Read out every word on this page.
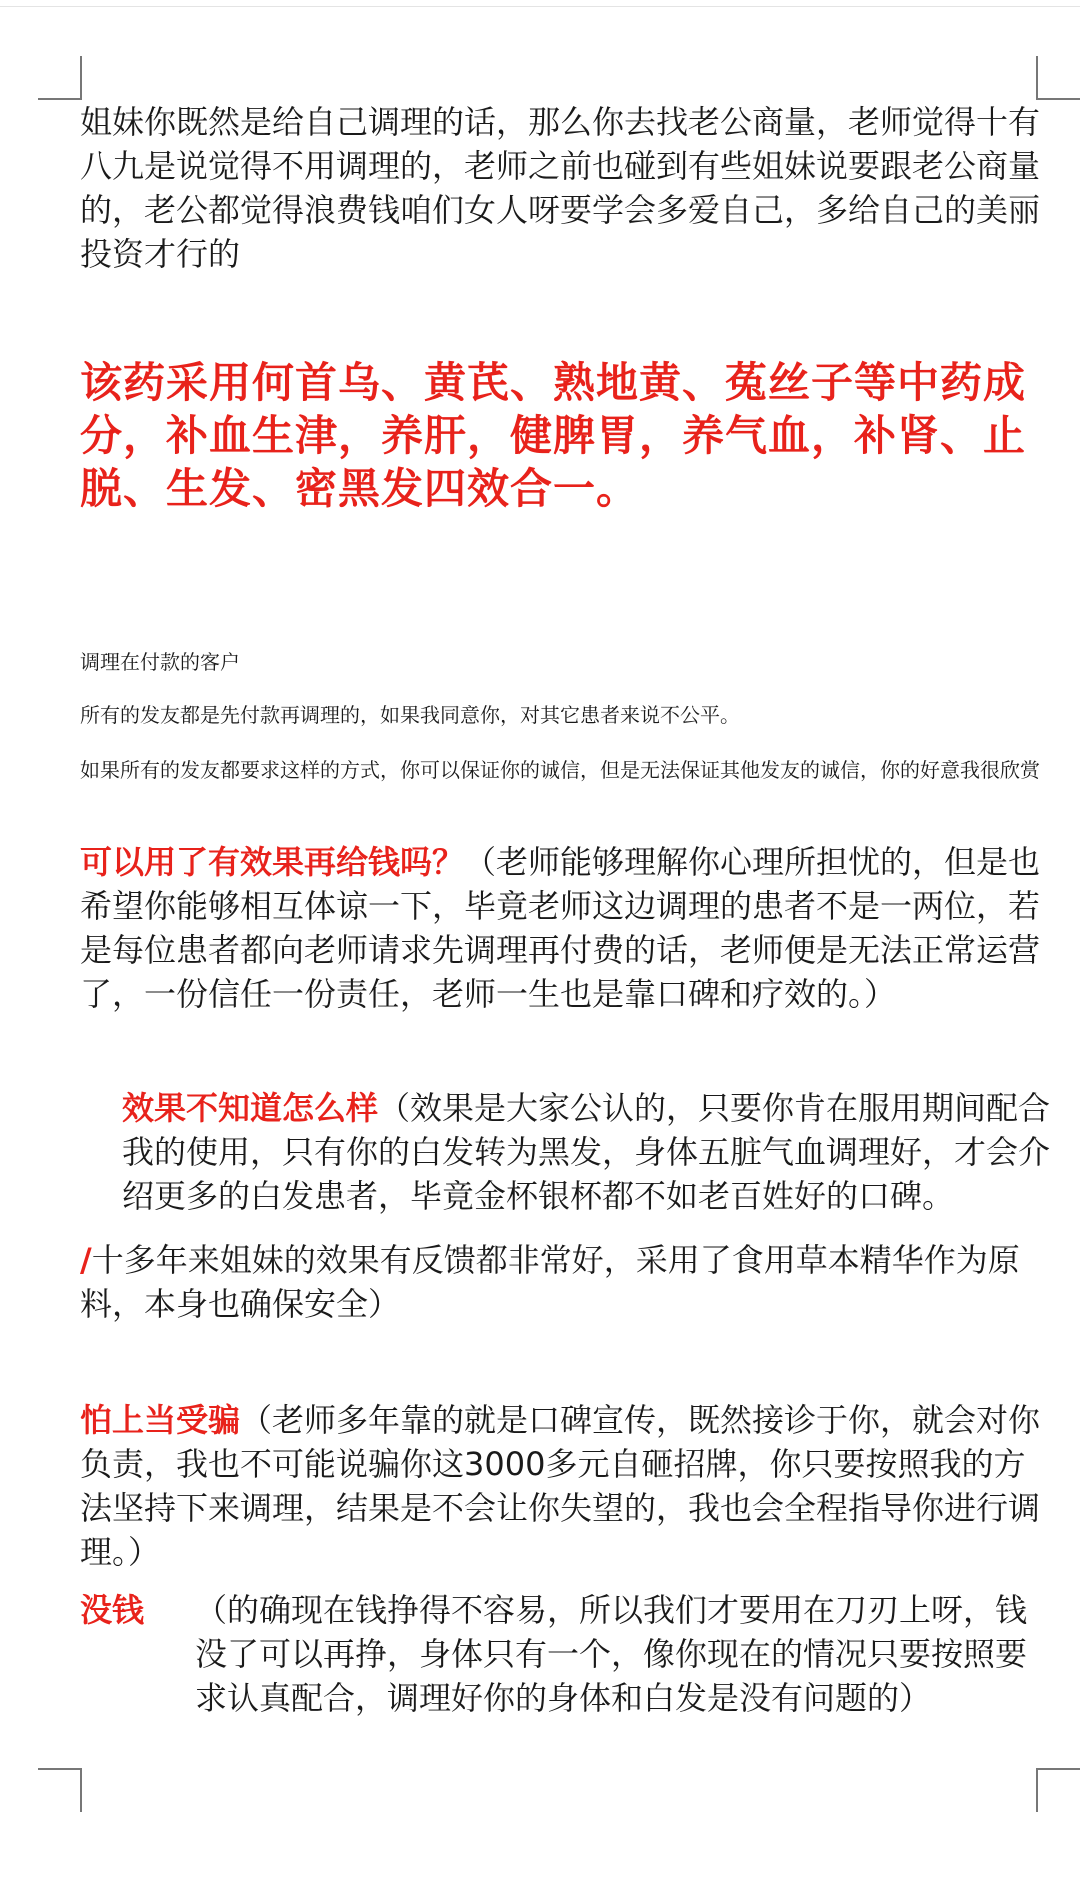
姐妹你既然是给自己调理的话，那么你去找老公商量，老师觉得十有八九是说觉得不用调理的，老师之前也碰到有些姐妹说要跟老公商量的，老公都觉得浪费钱咱们女人呀要学会多爱自己，多给自己的美丽投资才行的

该药采用何首乌、黄芪、熟地黄、菟丝子等中药成分，补血生津，养肝，健脾胃，养气血，补肾、止脱、生发、密黑发四效合一。

调理在付款的客户

所有的发友都是先付款再调理的，如果我同意你，对其它患者来说不公平。

如果所有的发友都要求这样的方式，你可以保证你的诚信，但是无法保证其他发友的诚信，你的好意我很欣赏

可以用了有效果再给钱吗？（老师能够理解你心理所担忧的，但是也希望你能够相互体谅一下，毕竟老师这边调理的患者不是一两位，若是每位患者都向老师请求先调理再付费的话，老师便是无法正常运营了，一份信任一份责任，老师一生也是靠口碑和疗效的。）

效果不知道怎么样（效果是大家公认的，只要你肯在服用期间配合我的使用，只有你的白发转为黑发，身体五脏气血调理好，才会介绍更多的白发患者，毕竟金杯银杯都不如老百姓好的口碑。

/十多年来姐妹的效果有反馈都非常好，采用了食用草本精华作为原料，本身也确保安全）

怕上当受骗（老师多年靠的就是口碑宣传，既然接诊于你，就会对你负责，我也不可能说骗你这3000多元自砸招牌，你只要按照我的方法坚持下来调理，结果是不会让你失望的，我也会全程指导你进行调理。）

没钱	（的确现在钱挣得不容易，所以我们才要用在刀刃上呀，钱没了可以再挣，身体只有一个，像你现在的情况只要按照要求认真配合，调理好你的身体和白发是没有问题的）
